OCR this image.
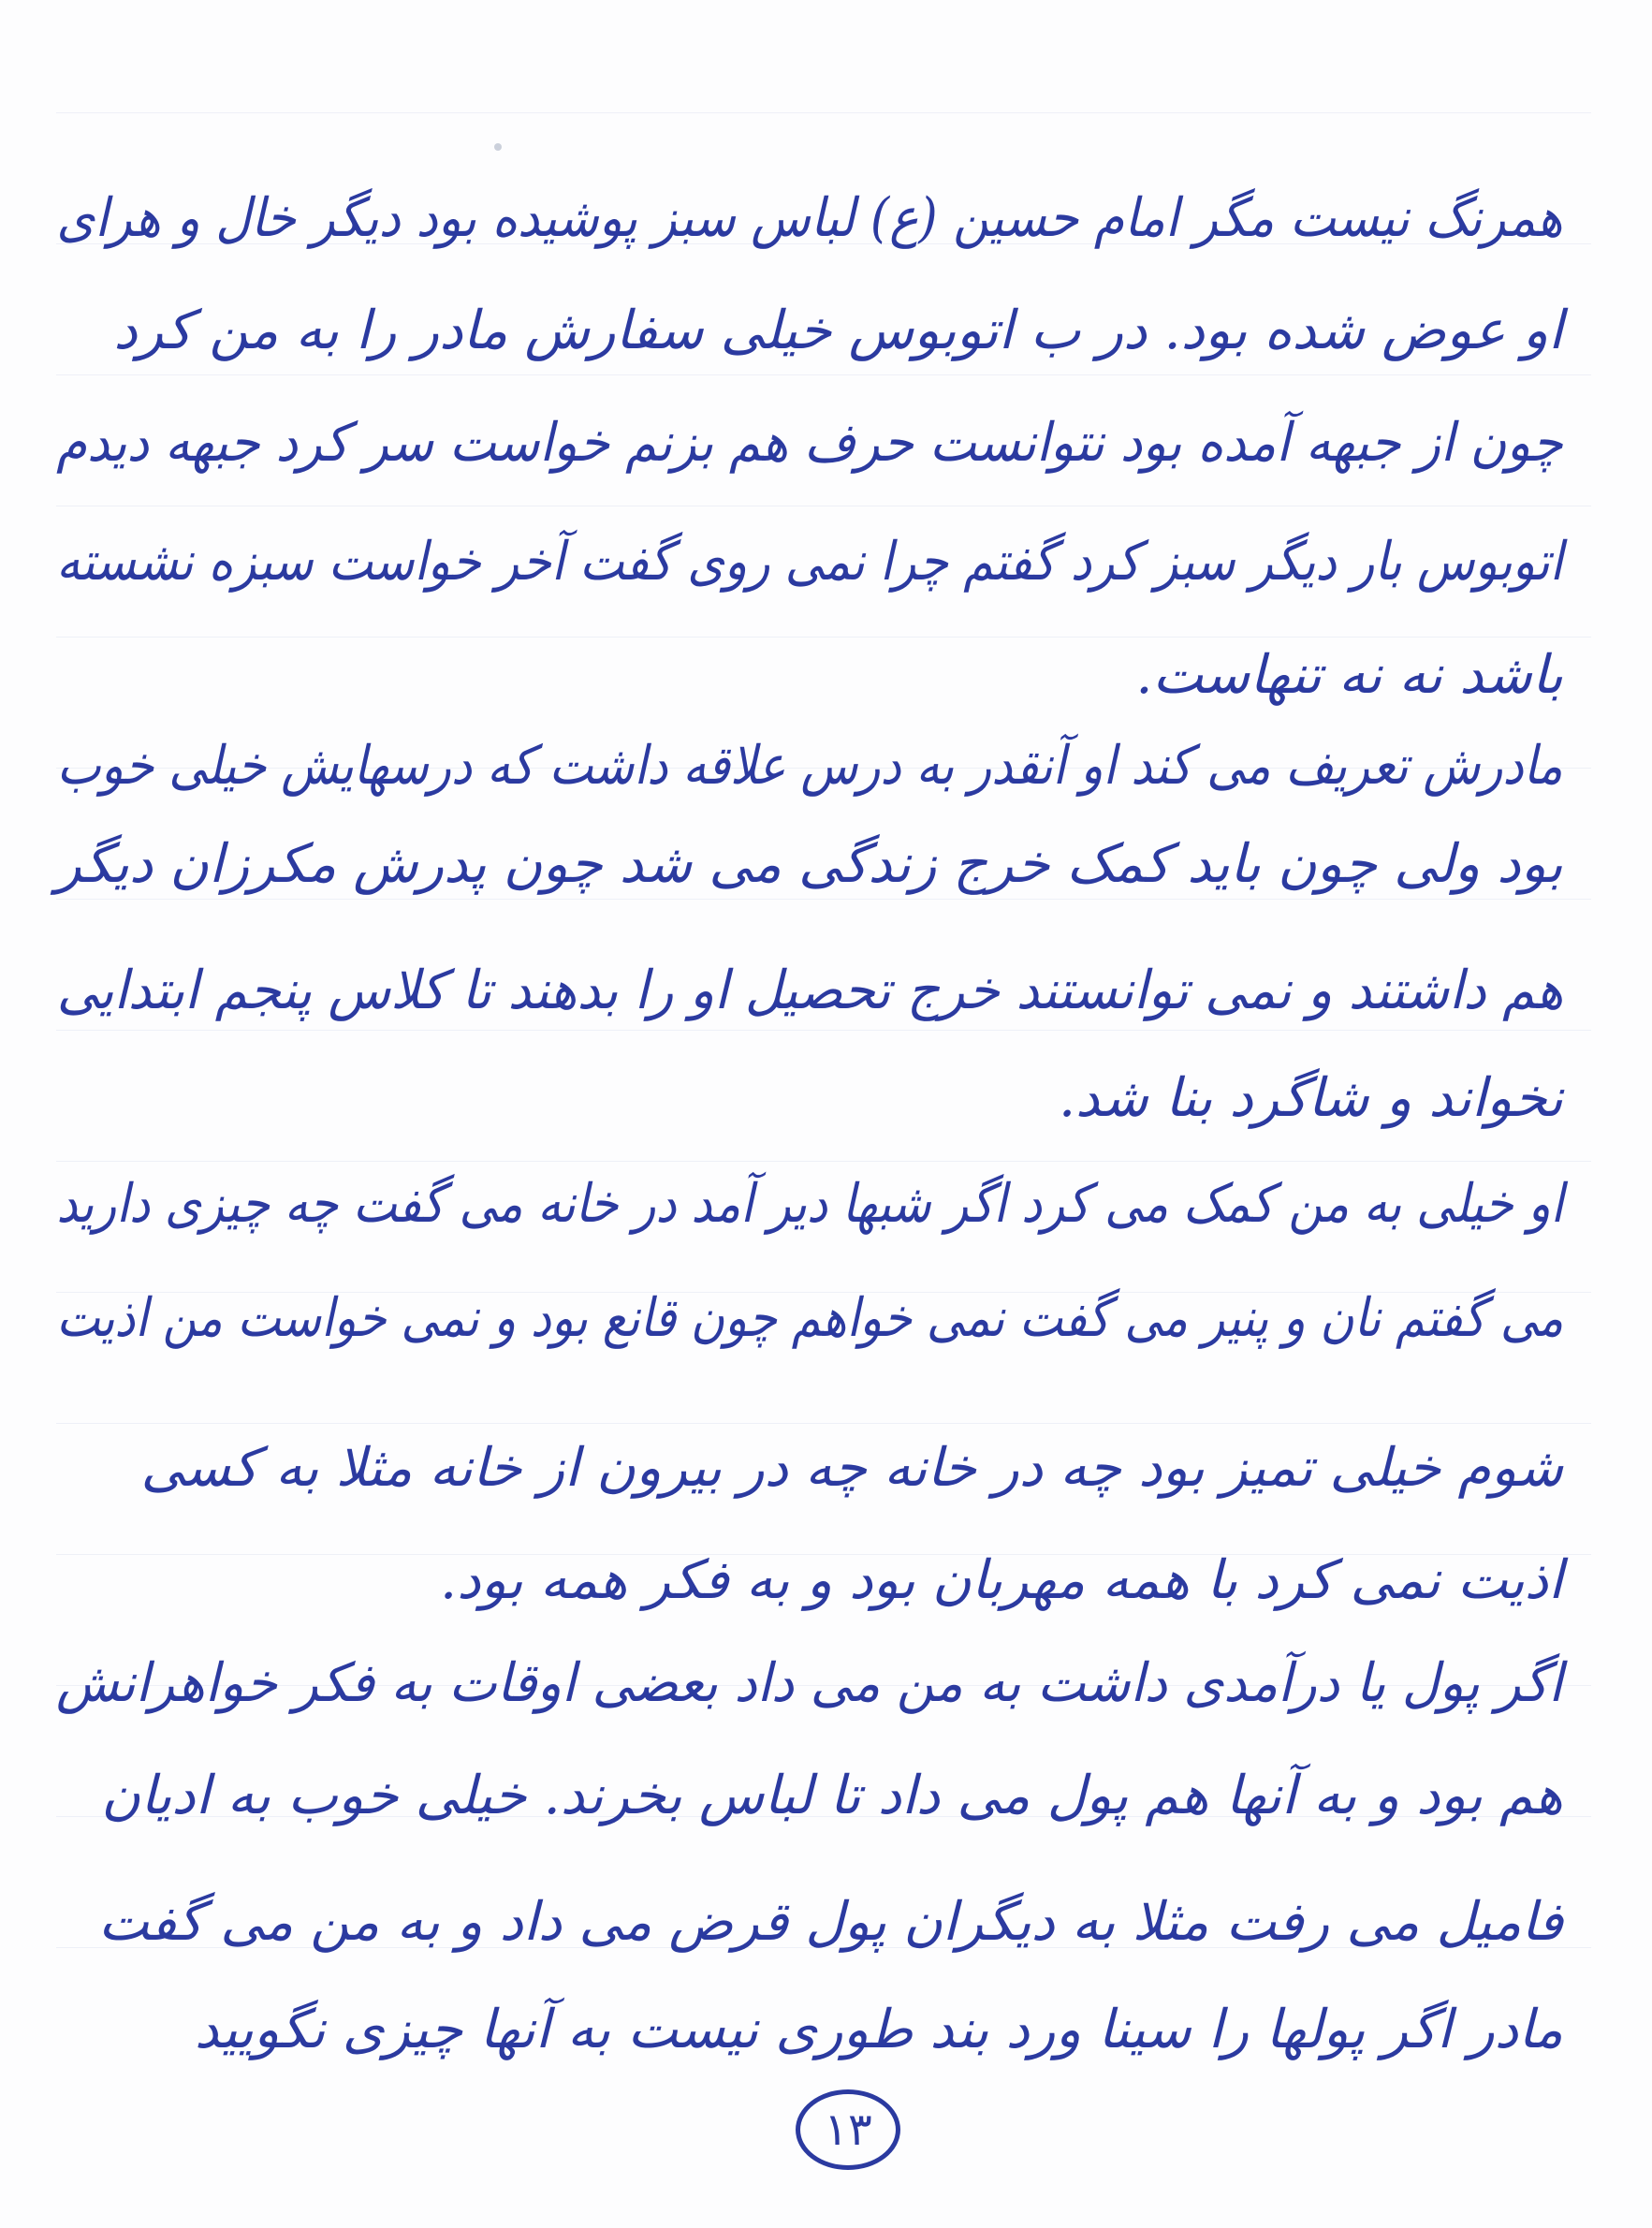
همرنگ نیست مگر امام حسین (ع) لباس سبز پوشیده بود دیگر خال و هرای
او عوض شده بود. در ب اتوبوس خیلی سفارش مادر را به من کرد
چون از جبهه آمده بود نتوانست حرف هم بزنم خواست سر کرد جبهه دیدم
اتوبوس بار دیگر سبز کرد گفتم چرا نمی روی گفت آخر خواست سبزه نشسته
باشد نه نه تنهاست.
مادرش تعریف می کند او آنقدر به درس علاقه داشت که درسهایش خیلی خوب
بود ولی چون باید کمک خرج زندگی می شد چون پدرش مکرزان دیگر
هم داشتند و نمی توانستند خرج تحصیل او را بدهند تا کلاس پنجم ابتدایی
نخواند و شاگرد بنا شد.
او خیلی به من کمک می کرد اگر شبها دیر آمد در خانه می گفت چه چیزی دارید
می گفتم نان و پنیر می گفت نمی خواهم چون قانع بود و نمی خواست من اذیت
شوم خیلی تمیز بود چه در خانه چه در بیرون از خانه مثلا به کسی
اذیت نمی کرد با همه مهربان بود و به فکر همه بود.
اگر پول یا درآمدی داشت به من می داد بعضی اوقات به فکر خواهرانش
هم بود و به آنها هم پول می داد تا لباس بخرند. خیلی خوب به ادیان
فامیل می رفت مثلا به دیگران پول قرض می داد و به من می گفت
مادر اگر پولها را سینا ورد بند طوری نیست به آنها چیزی نگویید
۱۳
